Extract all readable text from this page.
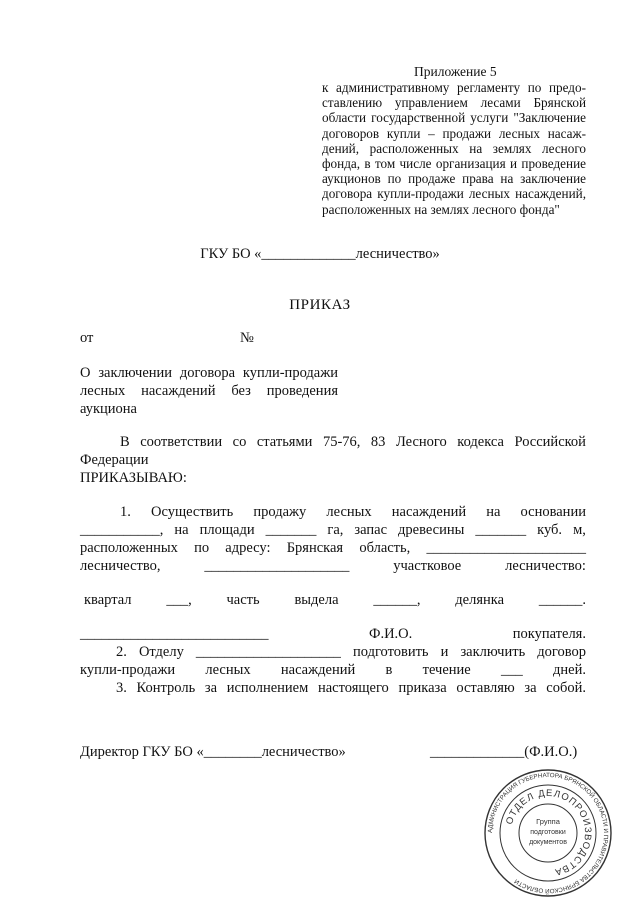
Приложение 5
к административному регламенту по предо-
ставлению управлением лесами Брянской
области государственной услуги "Заключение
договоров купли – продажи лесных насаж-
дений, расположенных на землях лесного
фонда, в том числе организация и проведение
аукционов по продаже права на заключение
договора купли-продажи лесных насаждений,
расположенных на землях лесного фонда"
ГКУ БО «_____________лесничество»
ПРИКАЗ
от	№
О заключении договора купли-продажи
лесных насаждений без проведения
аукциона
В соответствии со статьями 75-76, 83 Лесного кодекса Российской
Федерации
ПРИКАЗЫВАЮ:
1. Осуществить продажу лесных насаждений на основании
___________, на площади _______ га, запас древесины _______ куб. м,
расположенных по адресу: Брянская область, ______________________
лесничество,	____________________	участковое	лесничество:
квартал ___, часть выдела ______, делянка ______.
__________________________	Ф.И.О.	покупателя.
2. Отделу ____________________ подготовить и заключить договор
купли-продажи лесных насаждений в течение ___ дней.
3. Контроль за исполнением настоящего приказа оставляю за собой.
Директор ГКУ БО «________лесничество»	_____________(Ф.И.О.)
АДМИНИСТРАЦИЯ ГУБЕРНАТОРА БРЯНСКОЙ ОБЛАСТИ И ПРАВИТЕЛЬСТВА БРЯНСКОЙ ОБЛАСТИ
ОТДЕЛ ДЕЛОПРОИЗВОДСТВА
Группа
подготовки
документов
